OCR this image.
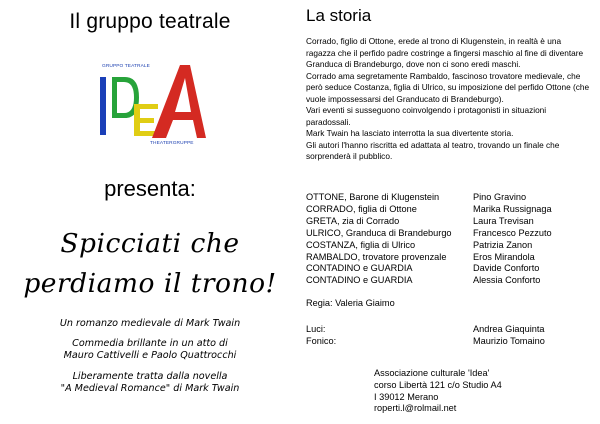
Il gruppo teatrale
GRUPPO TEATRALE
THEATERGRUPPE
presenta:
Spicciati che
perdiamo il trono!

Un romanzo medievale di Mark Twain

Commedia brillante in un atto di
Mauro Cattivelli e Paolo Quattrocchi

Liberamente tratta dalla novella
"A Medieval Romance" di Mark Twain

La storia

Corrado, figlio di Ottone, erede al trono di Klugenstein, in realtà è una ragazza che il perfido padre costringe a fingersi maschio al fine di diventare Granduca di Brandeburgo, dove non ci sono eredi maschi.

Corrado ama segretamente Rambaldo, fascinoso trovatore medievale, che però seduce Costanza, figlia di Ulrico, su imposizione del perfido Ottone (che vuole impossessarsi del Granducato di Brandeburgo).

Vari eventi si susseguono coinvolgendo i protagonisti in situazioni paradossali.

Mark Twain ha lasciato interrotta la sua divertente storia.

Gli autori l'hanno riscritta ed adattata al teatro, trovando un finale che sorprenderà il pubblico.

OTTONE, Barone di Klugenstein	Pino Gravino
CORRADO, figlia di Ottone	Marika Russignaga
GRETA, zia di Corrado	Laura Trevisan
ULRICO, Granduca di Brandeburgo	Francesco Pezzuto
COSTANZA, figlia di Ulrico	Patrizia Zanon
RAMBALDO, trovatore provenzale	Eros Mirandola
CONTADINO e GUARDIA	Davide Conforto
CONTADINO e GUARDIA	Alessia Conforto
Regia: Valeria Giaimo
Luci:	Andrea Giaquinta
Fonico:	Maurizio Tomaino
Associazione culturale 'Idea'
corso Libertà 121 c/o Studio A4
I 39012 Merano
roperti.l@rolmail.net
